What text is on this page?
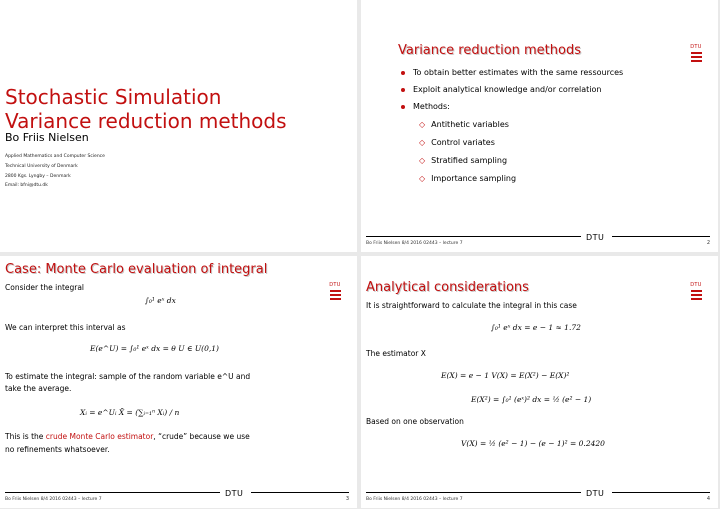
Stochastic Simulation
Variance reduction methods
Bo Friis Nielsen
Applied Mathematics and Computer Science
Technical University of Denmark
2800 Kgs. Lyngby – Denmark
Email: bfni@dtu.dk
Variance reduction methods	DTU
To obtain better estimates with the same ressources
Exploit analytical knowledge and/or correlation
Methods:
◇ Antithetic variables
◇ Control variates
◇ Stratified sampling
◇ Importance sampling
DTU
Bo Friis Nielsen 8/4 2016 02443 – lecture 7	2
Case: Monte Carlo evaluation of integral
DTU
Consider the integral
∫₀¹ eˣ dx
We can interpret this interval as
E(e^U) = ∫₀¹ eˣ dx = θ U ∈ U(0,1)
To estimate the integral: sample of the random variable e^U and
take the average.
Xᵢ = e^Uᵢ X̄ = (∑ᵢ₌₁ⁿ Xᵢ) / n
This is the crude Monte Carlo estimator, “crude” because we use
no refinements whatsoever.
DTU
Bo Friis Nielsen 8/4 2016 02443 – lecture 7	3
Analytical considerations	DTU
It is straightforward to calculate the integral in this case
∫₀¹ eˣ dx = e − 1 ≈ 1.72
The estimator X
E(X) = e − 1 V(X) = E(X²) − E(X)²
E(X²) = ∫₀¹ (eˣ)² dx = ½ (e² − 1)
Based on one observation
V(X) = ½ (e² − 1) − (e − 1)² = 0.2420
DTU
Bo Friis Nielsen 8/4 2016 02443 – lecture 7	4
